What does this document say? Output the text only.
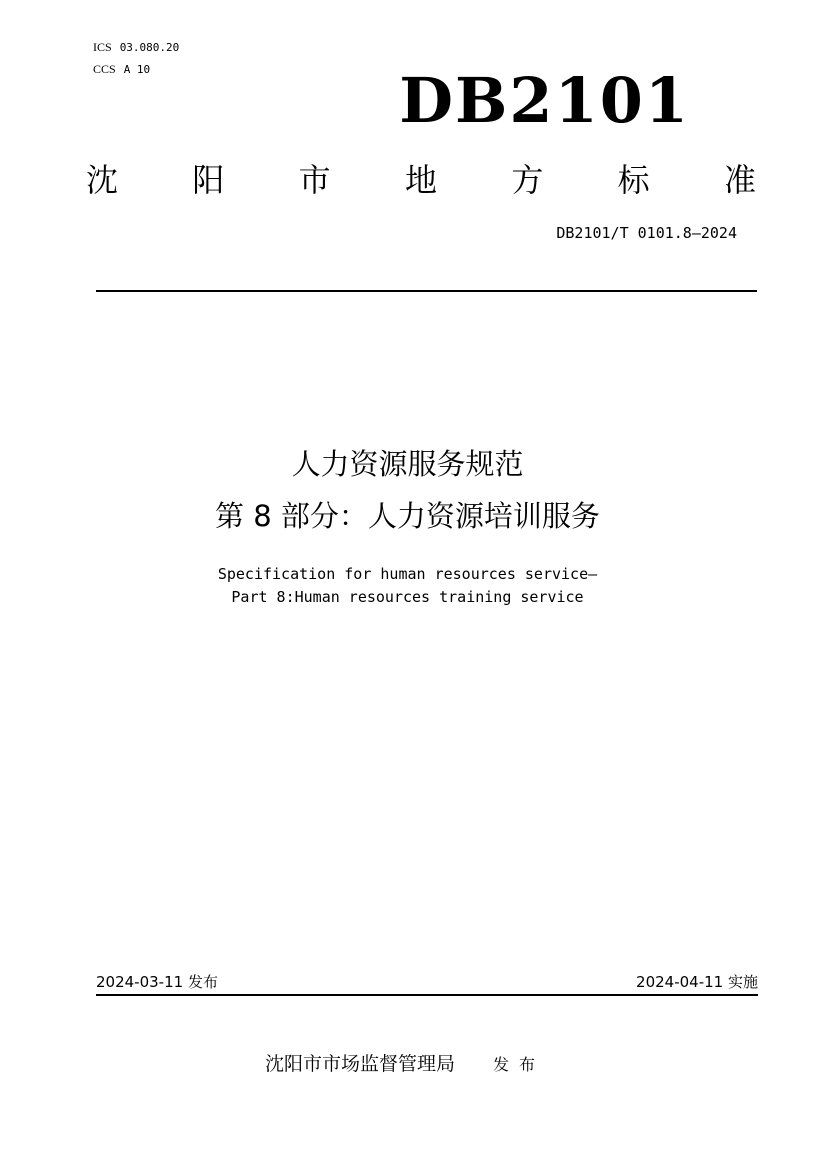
ICS 03.080.20
CCS A 10	DB2101
沈 阳 市 地 方 标 准
DB2101/T 0101.8—2024
人力资源服务规范
第 8 部分：人力资源培训服务
Specification for human resources service—
Part 8:Human resources training service
2024-03-11 发布	2024-04-11 实施
沈阳市市场监督管理局 发布
